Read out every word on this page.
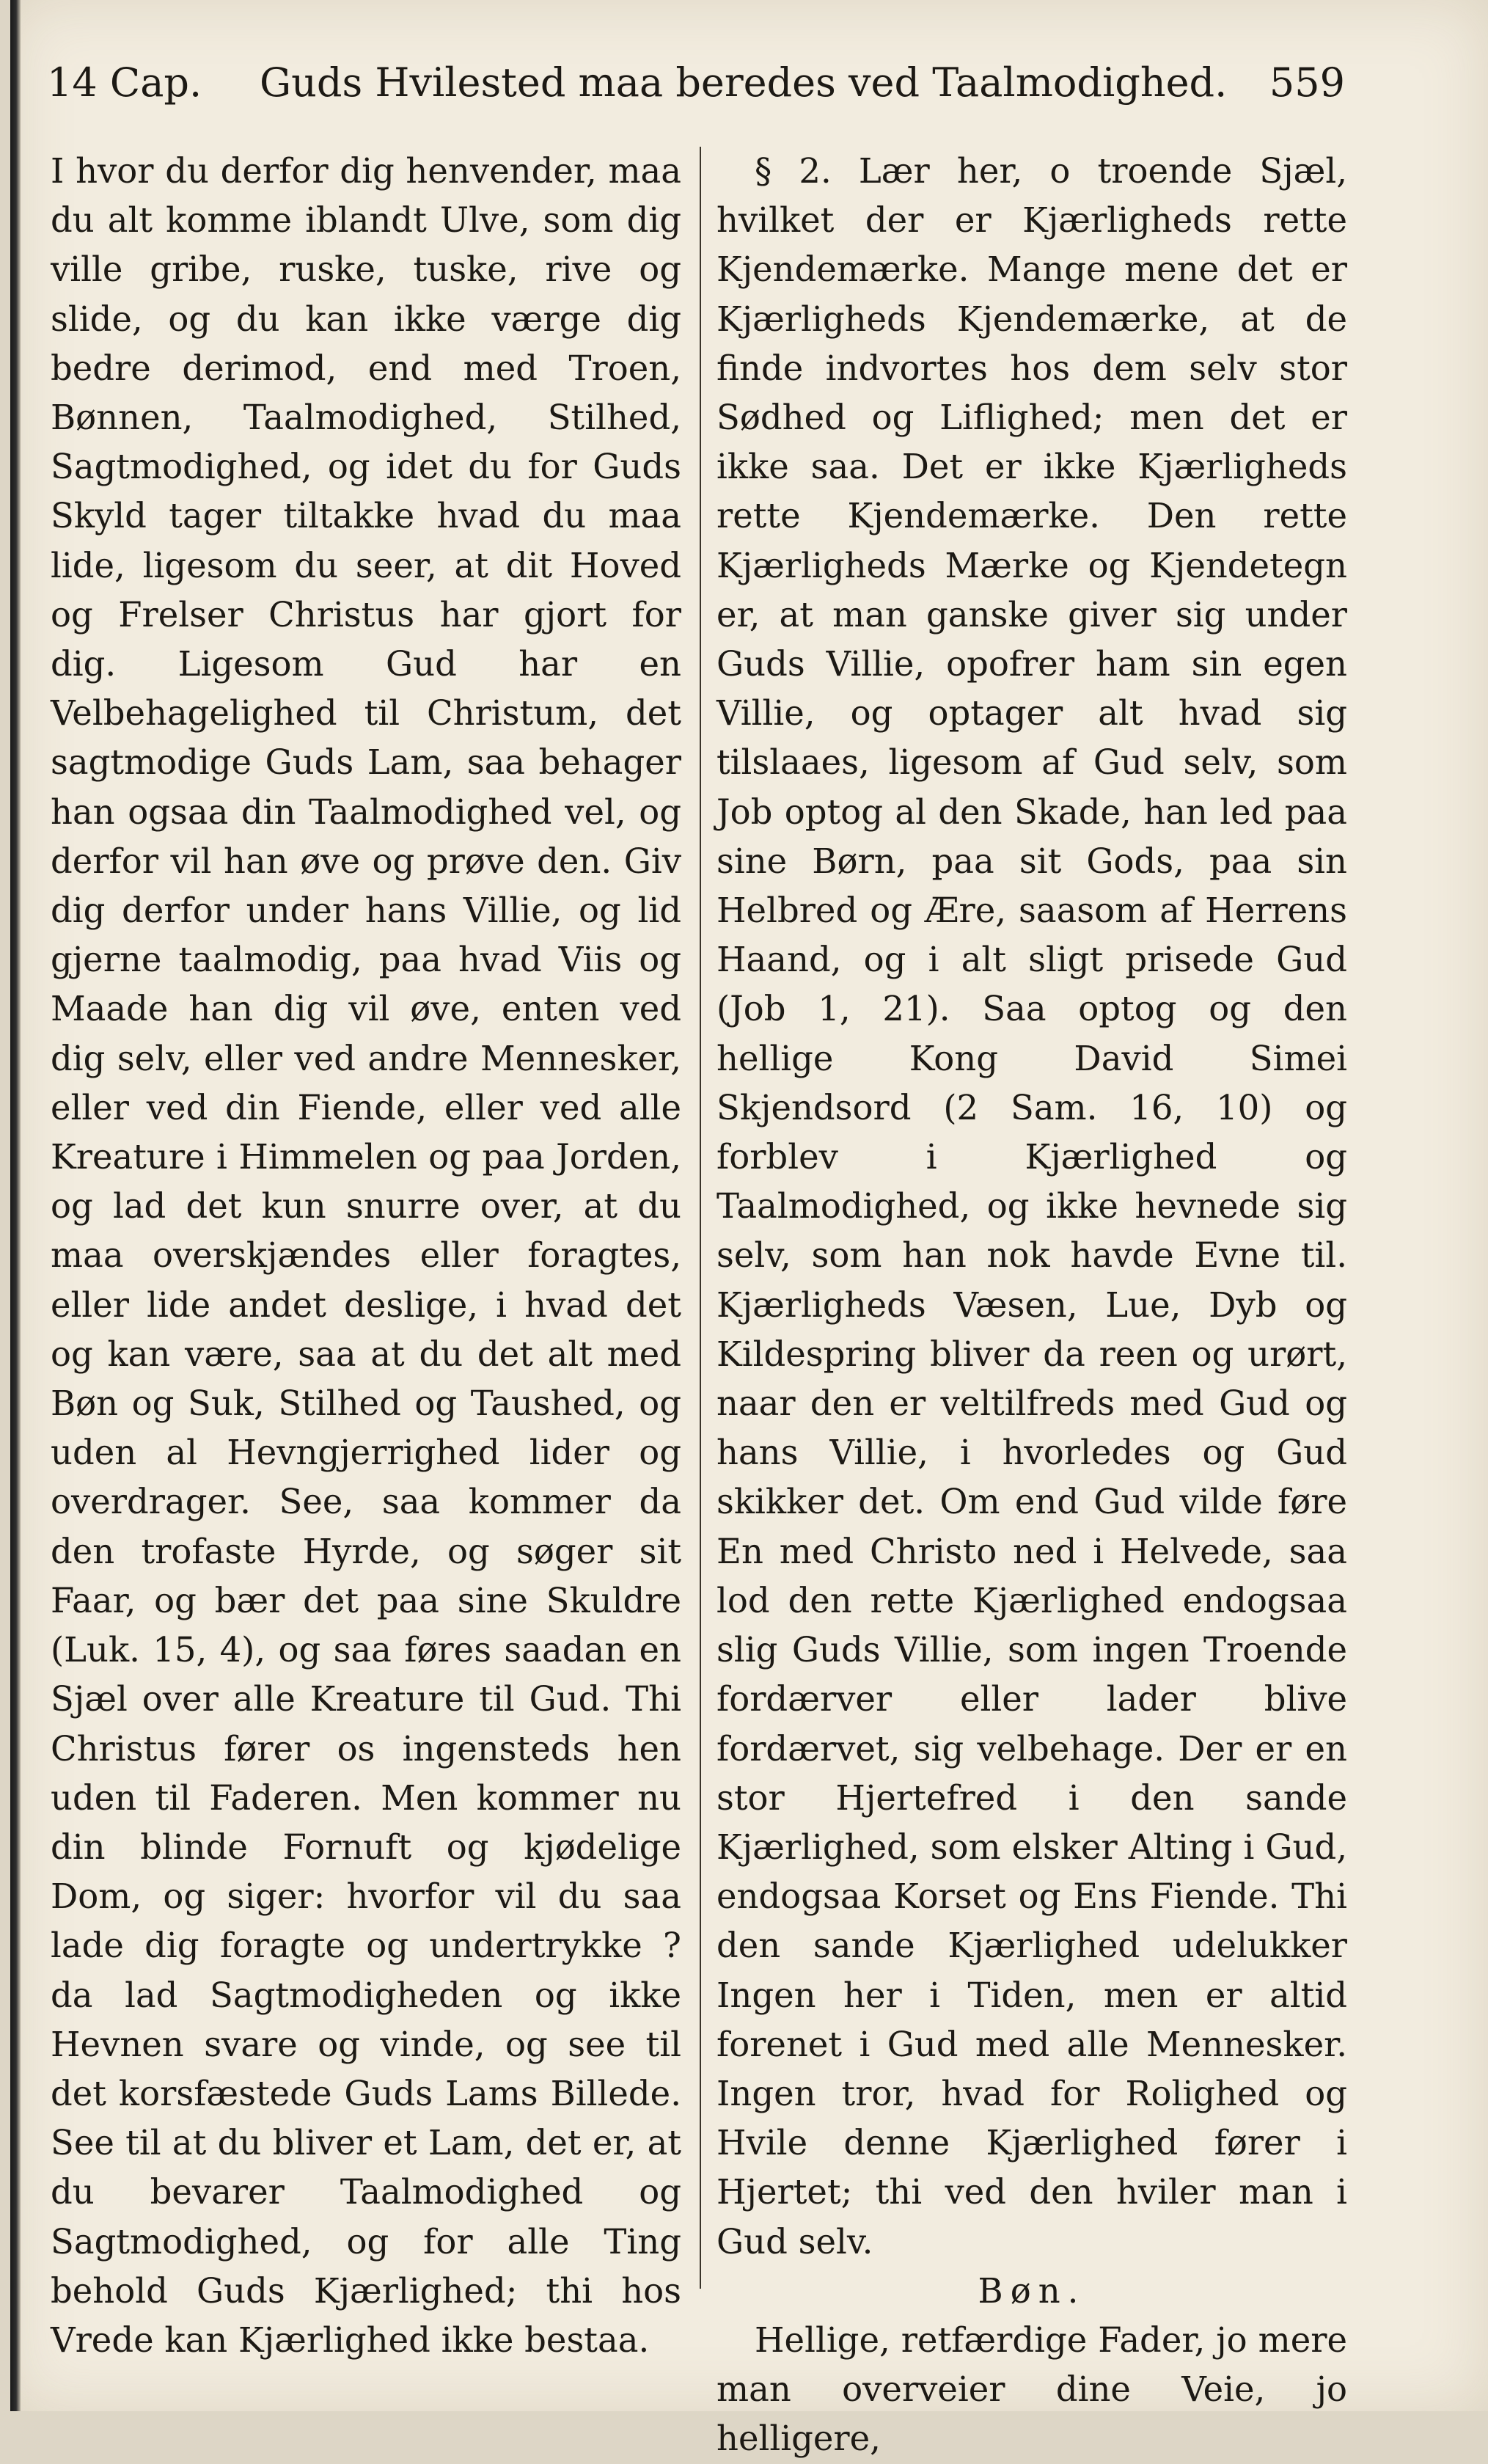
14 Cap. Guds Hvilested maa beredes ved Taalmodighed. 559

I hvor du derfor dig henvender, maa du alt komme iblandt Ulve, som dig ville gribe, ruske, tuske, rive og slide, og du kan ikke værge dig bedre derimod, end med Troen, Bønnen, Taalmodighed, Stilhed, Sagtmodighed, og idet du for Guds Skyld tager tiltakke hvad du maa lide, ligesom du seer, at dit Hoved og Frelser Christus har gjort for dig. Ligesom Gud har en Velbehagelighed til Christum, det sagtmodige Guds Lam, saa behager han ogsaa din Taalmodighed vel, og derfor vil han øve og prøve den. Giv dig derfor under hans Villie, og lid gjerne taalmodig, paa hvad Viis og Maade han dig vil øve, enten ved dig selv, eller ved andre Mennesker, eller ved din Fiende, eller ved alle Kreature i Himmelen og paa Jorden, og lad det kun snurre over, at du maa overskjændes eller foragtes, eller lide andet deslige, i hvad det og kan være, saa at du det alt med Bøn og Suk, Stilhed og Taushed, og uden al Hevngjerrighed lider og overdrager. See, saa kommer da den trofaste Hyrde, og søger sit Faar, og bær det paa sine Skuldre (Luk. 15, 4), og saa føres saadan en Sjæl over alle Kreature til Gud. Thi Christus fører os ingensteds hen uden til Faderen. Men kommer nu din blinde Fornuft og kjødelige Dom, og siger: hvorfor vil du saa lade dig foragte og undertrykke ? da lad Sagtmodigheden og ikke Hevnen svare og vinde, og see til det korsfæstede Guds Lams Billede. See til at du bliver et Lam, det er, at du bevarer Taalmodighed og Sagtmodighed, og for alle Ting behold Guds Kjærlighed; thi hos Vrede kan Kjærlighed ikke bestaa.

§ 2. Lær her, o troende Sjæl, hvilket der er Kjærligheds rette Kjendemærke. Mange mene det er Kjærligheds Kjendemærke, at de finde indvortes hos dem selv stor Sødhed og Liflighed; men det er ikke saa. Det er ikke Kjærligheds rette Kjendemærke. Den rette Kjærligheds Mærke og Kjendetegn er, at man ganske giver sig under Guds Villie, opofrer ham sin egen Villie, og optager alt hvad sig tilslaaes, ligesom af Gud selv, som Job optog al den Skade, han led paa sine Børn, paa sit Gods, paa sin Helbred og Ære, saasom af Herrens Haand, og i alt sligt prisede Gud (Job 1, 21). Saa optog og den hellige Kong David Simei Skjendsord (2 Sam. 16, 10) og forblev i Kjærlighed og Taalmodighed, og ikke hevnede sig selv, som han nok havde Evne til. Kjærligheds Væsen, Lue, Dyb og Kildespring bliver da reen og urørt, naar den er veltilfreds med Gud og hans Villie, i hvorledes og Gud skikker det. Om end Gud vilde føre En med Christo ned i Helvede, saa lod den rette Kjærlighed endogsaa slig Guds Villie, som ingen Troende fordærver eller lader blive fordærvet, sig velbehage. Der er en stor Hjertefred i den sande Kjærlighed, som elsker Alting i Gud, endogsaa Korset og Ens Fiende. Thi den sande Kjærlighed udelukker Ingen her i Tiden, men er altid forenet i Gud med alle Mennesker. Ingen tror, hvad for Rolighed og Hvile denne Kjærlighed fører i Hjertet; thi ved den hviler man i Gud selv.

Bøn.

Hellige, retfærdige Fader, jo mere man overveier dine Veie, jo helligere,
